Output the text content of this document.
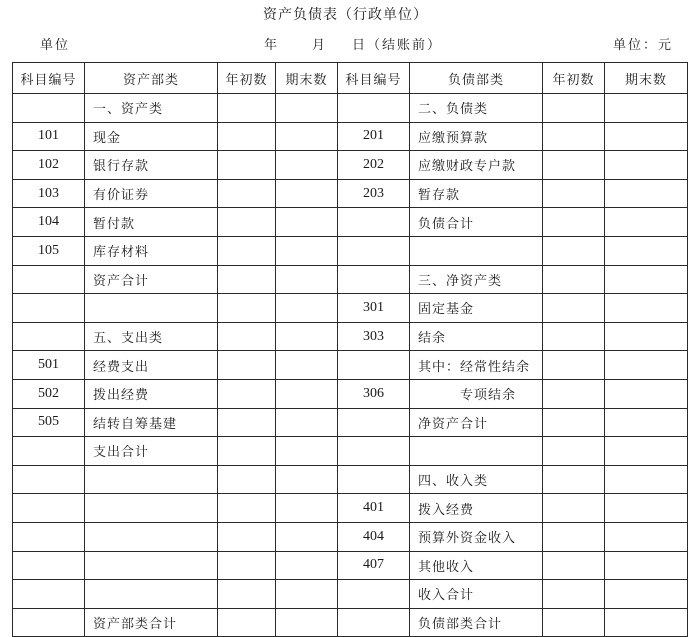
资产负债表（行政单位）
单位	年	月 日（结账前）	单位：元
科目编号	资产部类	年初数	期末数	科目编号	负债部类	年初数	期末数
	一、资产类				二、负债类		
101	现金			201	应缴预算款		
102	银行存款			202	应缴财政专户款		
103	有价证券			203	暂存款		
104	暂付款				负债合计		
105	库存材料						
	资产合计				三、净资产类		
				301	固定基金		
	五、支出类			303	结余		
501	经费支出				其中：经常性结余		
502	拨出经费			306	专项结余		
505	结转自筹基建				净资产合计		
	支出合计						
					四、收入类		
				401	拨入经费		
				404	预算外资金收入		
				407	其他收入		
					收入合计		
	资产部类合计				负债部类合计		
